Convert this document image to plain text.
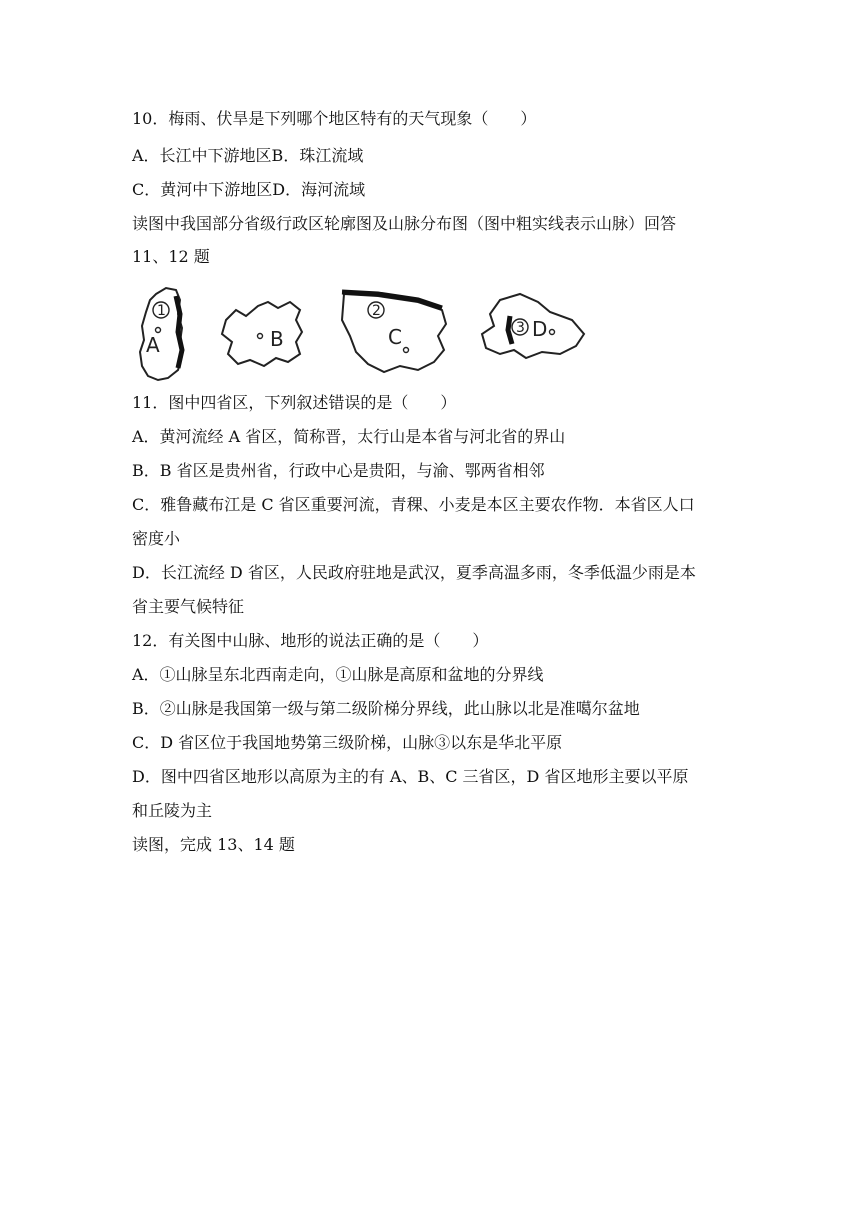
10．梅雨、伏旱是下列哪个地区特有的天气现象（　　）
A．长江中下游地区B．珠江流域
C．黄河中下游地区D．海河流域
读图中我国部分省级行政区轮廓图及山脉分布图（图中粗实线表示山脉）回答
11、12 题
1
A	B
2
C	3 D
11．图中四省区，下列叙述错误的是（　　）
A．黄河流经 A 省区，简称晋，太行山是本省与河北省的界山
B．B 省区是贵州省，行政中心是贵阳，与渝、鄂两省相邻
C．雅鲁藏布江是 C 省区重要河流，青稞、小麦是本区主要农作物．本省区人口
密度小
D．长江流经 D 省区，人民政府驻地是武汉，夏季高温多雨，冬季低温少雨是本
省主要气候特征
12．有关图中山脉、地形的说法正确的是（　　）
A．①山脉呈东北西南走向，①山脉是高原和盆地的分界线
B．②山脉是我国第一级与第二级阶梯分界线，此山脉以北是准噶尔盆地
C．D 省区位于我国地势第三级阶梯，山脉③以东是华北平原
D．图中四省区地形以高原为主的有 A、B、C 三省区，D 省区地形主要以平原
和丘陵为主
读图，完成 13、14 题
